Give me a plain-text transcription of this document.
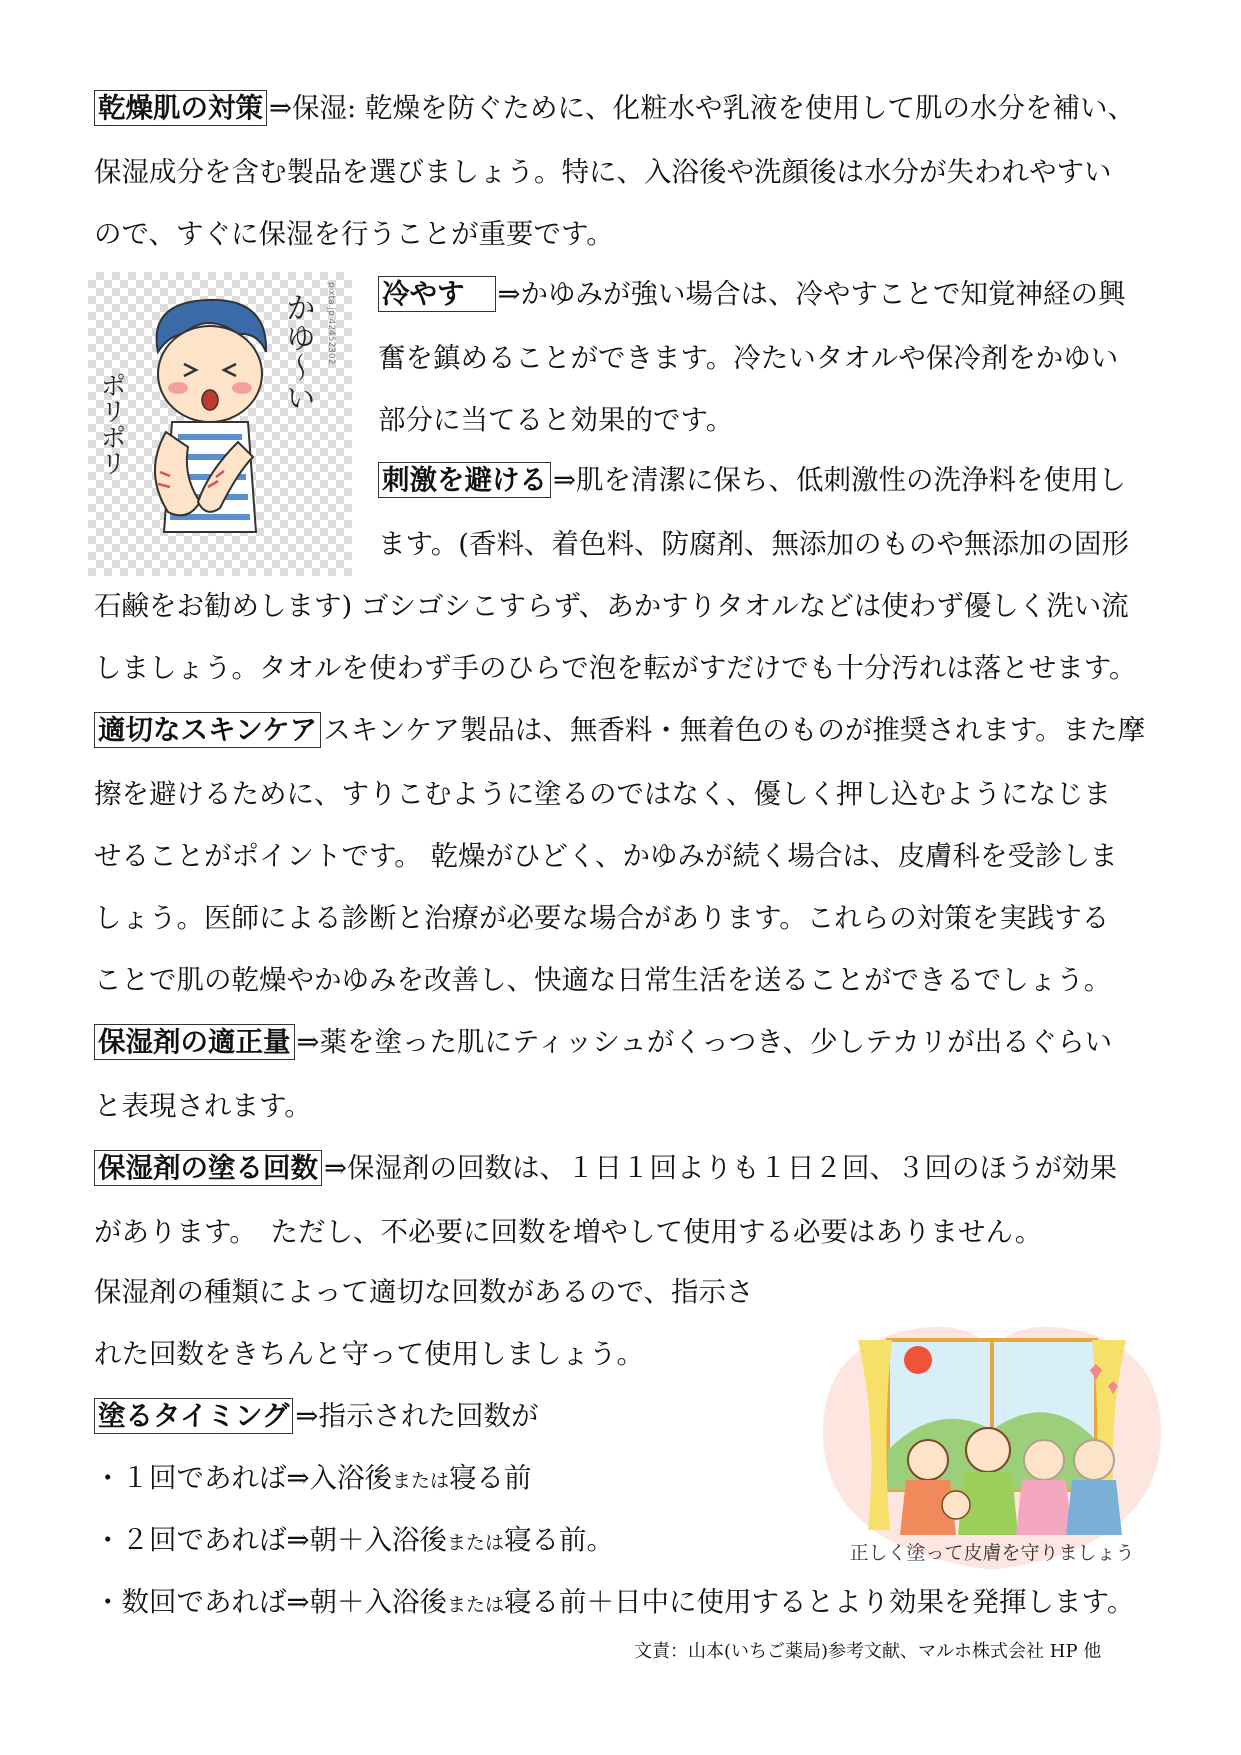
乾燥肌の対策 ⇒保湿: 乾燥を防ぐために、化粧水や乳液を使用して肌の水分を補い、
保湿成分を含む製品を選びましょう。特に、入浴後や洗顔後は水分が失われやすい
ので、すぐに保湿を行うことが重要です。
かゆ〜い
ポリポリ
pixta.jp 42452302 冷やす ⇒かゆみが強い場合は、冷やすことで知覚神経の興
奮を鎮めることができます。冷たいタオルや保冷剤をかゆい
部分に当てると効果的です。
刺激を避ける ⇒肌を清潔に保ち、低刺激性の洗浄料を使用し
ます。(香料、着色料、防腐剤、無添加のものや無添加の固形
石鹸をお勧めします) ゴシゴシこすらず、あかすりタオルなどは使わず優しく洗い流
しましょう。タオルを使わず手のひらで泡を転がすだけでも十分汚れは落とせます。
適切なスキンケア スキンケア製品は、無香料・無着色のものが推奨されます。また摩
擦を避けるために、すりこむように塗るのではなく、優しく押し込むようになじま
せることがポイントです。 乾燥がひどく、かゆみが続く場合は、皮膚科を受診しま
しょう。医師による診断と治療が必要な場合があります。これらの対策を実践する
ことで肌の乾燥やかゆみを改善し、快適な日常生活を送ることができるでしょう。
保湿剤の適正量 ⇒薬を塗った肌にティッシュがくっつき、少しテカリが出るぐらい
と表現されます。
保湿剤の塗る回数 ⇒保湿剤の回数は、１日１回よりも１日２回、３回のほうが効果
があります。　ただし、不必要に回数を増やして使用する必要はありません。
保湿剤の種類によって適切な回数があるので、指示さ
れた回数をきちんと守って使用しましょう。
塗るタイミング ⇒指示された回数が
・１回であれば⇒入浴後または寝る前
・２回であれば⇒朝＋入浴後または寝る前。
・数回であれば⇒朝＋入浴後または寝る前＋日中に使用するとより効果を発揮します。
正しく塗って皮膚を守りましょう
文責：山本(いちご薬局)参考文献、マルホ株式会社 HP 他
